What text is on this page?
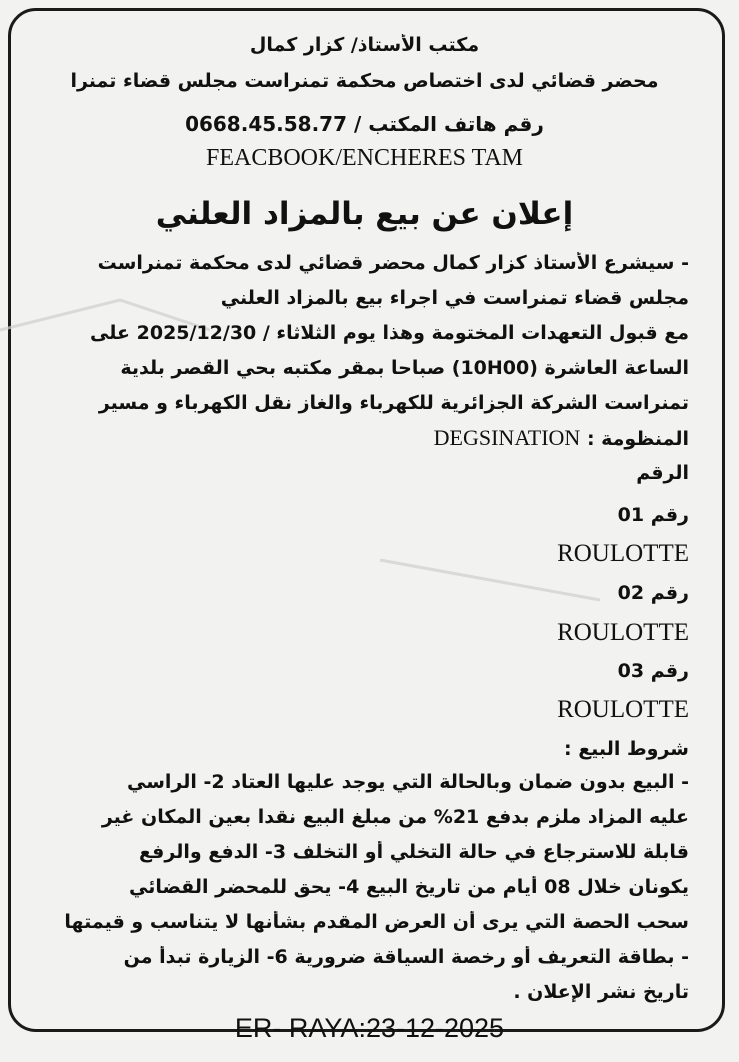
مكتب الأستاذ/ كزار كمال
محضر قضائي لدى اختصاص محكمة تمنراست مجلس قضاء تمنرا
رقم هاتف المكتب / 0668.45.58.77
FEACBOOK/ENCHERES TAM
إعلان عن بيع بالمزاد العلني
- سيشرع الأستاذ كزار كمال محضر قضائي لدى محكمة تمنراست
مجلس قضاء تمنراست في اجراء بيع بالمزاد العلني
مع قبول التعهدات المختومة وهذا يوم الثلاثاء / 2025/12/30 على
الساعة العاشرة (10H00) صباحا بمقر مكتبه بحي القصر بلدية
تمنراست الشركة الجزائرية للكهرباء والغاز نقل الكهرباء و مسير
المنظومة : DEGSINATION
الرقم
رقم 01
ROULOTTE
رقم 02
ROULOTTE
رقم 03
ROULOTTE
شروط البيع :
- البيع بدون ضمان وبالحالة التي يوجد عليها العتاد 2- الراسي
عليه المزاد ملزم بدفع 21% من مبلغ البيع نقدا بعين المكان غير
قابلة للاسترجاع في حالة التخلي أو التخلف 3- الدفع والرفع
يكونان خلال 08 أيام من تاريخ البيع 4- يحق للمحضر القضائي
سحب الحصة التي يرى أن العرض المقدم بشأنها لا يتناسب و قيمتها
- بطاقة التعريف أو رخصة السياقة ضرورية 6- الزيارة تبدأ من
تاريخ نشر الإعلان .
ER- RAYA:23-12-2025
